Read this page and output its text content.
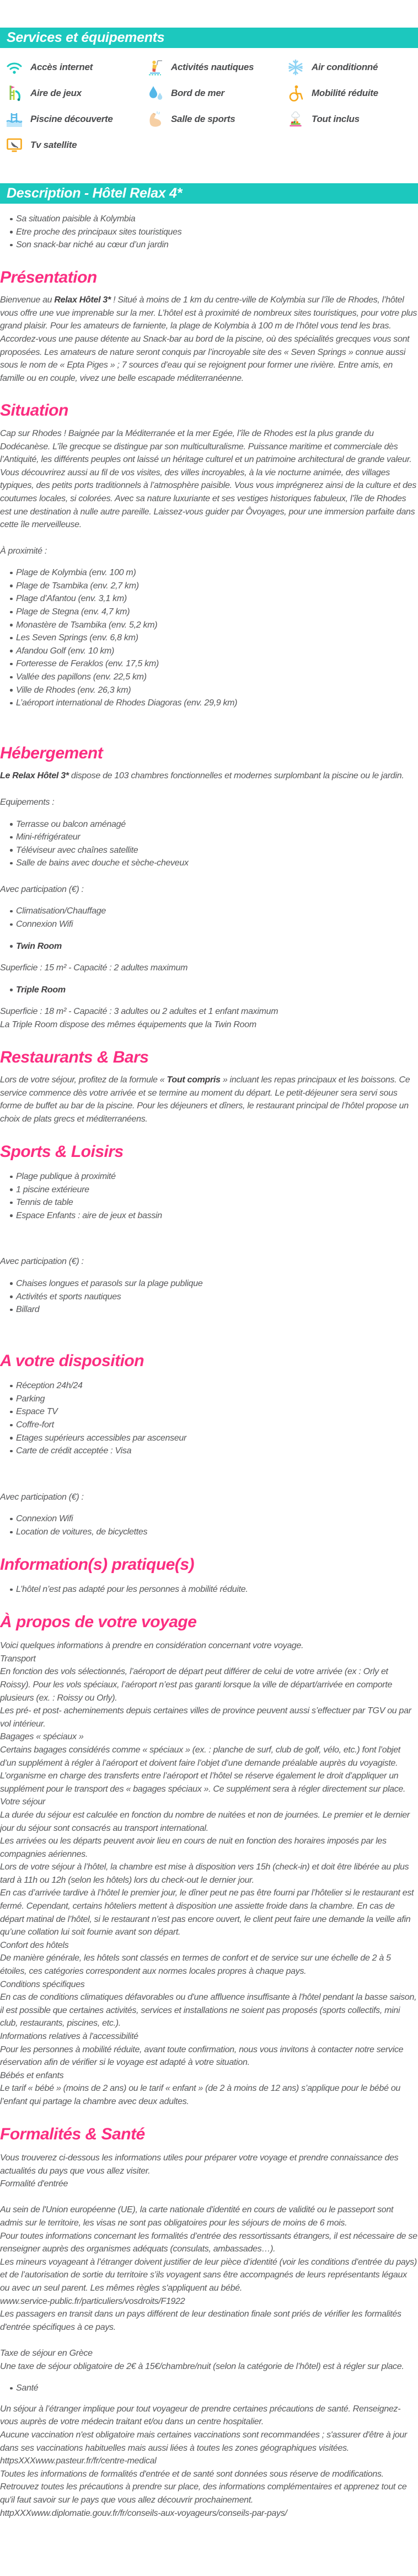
Services et équipements
Accès internet	Activités nautiques	Air conditionné
Aire de jeux	Bord de mer	Mobilité réduite
Piscine découverte	Salle de sports	Tout inclus
Tv satellite
Description - Hôtel Relax 4*
Sa situation paisible à Kolymbia
Etre proche des principaux sites touristiques
Son snack-bar niché au cœur d’un jardin
Présentation

Bienvenue au Relax Hôtel 3* ! Situé à moins de 1 km du centre-ville de Kolymbia sur l’île de Rhodes, l’hôtel vous offre une vue imprenable sur la mer. L’hôtel est à proximité de nombreux sites touristiques, pour votre plus grand plaisir. Pour les amateurs de farniente, la plage de Kolymbia à 100 m de l’hôtel vous tend les bras. Accordez-vous une pause détente au Snack-bar au bord de la piscine, où des spécialités grecques vous sont proposées. Les amateurs de nature seront conquis par l’incroyable site des « Seven Springs » connue aussi sous le nom de « Epta Piges » ; 7 sources d’eau qui se rejoignent pour former une rivière. Entre amis, en famille ou en couple, vivez une belle escapade méditerranéenne.

Situation

Cap sur Rhodes ! Baignée par la Méditerranée et la mer Egée, l’île de Rhodes est la plus grande du Dodécanèse. L’île grecque se distingue par son multiculturalisme. Puissance maritime et commerciale dès l’Antiquité, les différents peuples ont laissé un héritage culturel et un patrimoine architectural de grande valeur. Vous découvrirez aussi au fil de vos visites, des villes incroyables, à la vie nocturne animée, des villages typiques, des petits ports traditionnels à l’atmosphère paisible. Vous vous imprégnerez ainsi de la culture et des coutumes locales, si colorées. Avec sa nature luxuriante et ses vestiges historiques fabuleux, l’île de Rhodes est une destination à nulle autre pareille. Laissez-vous guider par Ôvoyages, pour une immersion parfaite dans cette île merveilleuse.

À proximité :

Plage de Kolymbia (env. 100 m)
Plage de Tsambika (env. 2,7 km)
Plage d’Afantou (env. 3,1 km)
Plage de Stegna (env. 4,7 km)
Monastère de Tsambika (env. 5,2 km)
Les Seven Springs (env. 6,8 km)
Afandou Golf (env. 10 km)
Forteresse de Feraklos (env. 17,5 km)
Vallée des papillons (env. 22,5 km)
Ville de Rhodes (env. 26,3 km)
L’aéroport international de Rhodes Diagoras (env. 29,9 km)
Hébergement

Le Relax Hôtel 3* dispose de 103 chambres fonctionnelles et modernes surplombant la piscine ou le jardin.

Equipements :

Terrasse ou balcon aménagé
Mini-réfrigérateur
Téléviseur avec chaînes satellite
Salle de bains avec douche et sèche-cheveux

Avec participation (€) :

Climatisation/Chauffage
Connexion Wifi
Twin Room

Superficie : 15 m² - Capacité : 2 adultes maximum

Triple Room

Superficie : 18 m² - Capacité : 3 adultes ou 2 adultes et 1 enfant maximum

La Triple Room dispose des mêmes équipements que la Twin Room

Restaurants & Bars

Lors de votre séjour, profitez de la formule « Tout compris » incluant les repas principaux et les boissons. Ce service commence dès votre arrivée et se termine au moment du départ. Le petit-déjeuner sera servi sous forme de buffet au bar de la piscine. Pour les déjeuners et dîners, le restaurant principal de l’hôtel propose un choix de plats grecs et méditerranéens.

Sports & Loisirs
Plage publique à proximité
1 piscine extérieure
Tennis de table
Espace Enfants : aire de jeux et bassin

Avec participation (€) :

Chaises longues et parasols sur la plage publique
Activités et sports nautiques
Billard
A votre disposition
Réception 24h/24
Parking
Espace TV
Coffre-fort
Etages supérieurs accessibles par ascenseur
Carte de crédit acceptée : Visa

Avec participation (€) :

Connexion Wifi
Location de voitures, de bicyclettes
Information(s) pratique(s)
L’hôtel n’est pas adapté pour les personnes à mobilité réduite.
À propos de votre voyage

Voici quelques informations à prendre en considération concernant votre voyage.

Transport

En fonction des vols sélectionnés, l’aéroport de départ peut différer de celui de votre arrivée (ex : Orly et Roissy). Pour les vols spéciaux, l’aéroport n’est pas garanti lorsque la ville de départ/arrivée en comporte plusieurs (ex. : Roissy ou Orly).

Les pré- et post- acheminements depuis certaines villes de province peuvent aussi s’effectuer par TGV ou par vol intérieur.

Bagages « spéciaux »

Certains bagages considérés comme « spéciaux » (ex. : planche de surf, club de golf, vélo, etc.) font l’objet d’un supplément à régler à l’aéroport et doivent faire l’objet d’une demande préalable auprès du voyagiste. L’organisme en charge des transferts entre l’aéroport et l’hôtel se réserve également le droit d’appliquer un supplément pour le transport des « bagages spéciaux ». Ce supplément sera à régler directement sur place.

Votre séjour

La durée du séjour est calculée en fonction du nombre de nuitées et non de journées. Le premier et le dernier jour du séjour sont consacrés au transport international.

Les arrivées ou les départs peuvent avoir lieu en cours de nuit en fonction des horaires imposés par les compagnies aériennes.

Lors de votre séjour à l’hôtel, la chambre est mise à disposition vers 15h (check-in) et doit être libérée au plus tard à 11h ou 12h (selon les hôtels) lors du check-out le dernier jour.

En cas d’arrivée tardive à l’hôtel le premier jour, le dîner peut ne pas être fourni par l’hôtelier si le restaurant est fermé. Cependant, certains hôteliers mettent à disposition une assiette froide dans la chambre. En cas de départ matinal de l’hôtel, si le restaurant n’est pas encore ouvert, le client peut faire une demande la veille afin qu’une collation lui soit fournie avant son départ.

Confort des hôtels

De manière générale, les hôtels sont classés en termes de confort et de service sur une échelle de 2 à 5 étoiles, ces catégories correspondent aux normes locales propres à chaque pays.

Conditions spécifiques

En cas de conditions climatiques défavorables ou d'une affluence insuffisante à l'hôtel pendant la basse saison, il est possible que certaines activités, services et installations ne soient pas proposés (sports collectifs, mini club, restaurants, piscines, etc.).

Informations relatives à l'accessibilité

Pour les personnes à mobilité réduite, avant toute confirmation, nous vous invitons à contacter notre service réservation afin de vérifier si le voyage est adapté à votre situation.

Bébés et enfants

Le tarif « bébé » (moins de 2 ans) ou le tarif « enfant » (de 2 à moins de 12 ans) s’applique pour le bébé ou l’enfant qui partage la chambre avec deux adultes.

Formalités & Santé

Vous trouverez ci-dessous les informations utiles pour préparer votre voyage et prendre connaissance des actualités du pays que vous allez visiter.

Formalité d'entrée

Au sein de l'Union européenne (UE), la carte nationale d'identité en cours de validité ou le passeport sont admis sur le territoire, les visas ne sont pas obligatoires pour les séjours de moins de 6 mois.

Pour toutes informations concernant les formalités d’entrée des ressortissants étrangers, il est nécessaire de se renseigner auprès des organismes adéquats (consulats, ambassades…).

Les mineurs voyageant à l’étranger doivent justifier de leur pièce d’identité (voir les conditions d’entrée du pays) et de l’autorisation de sortie du territoire s’ils voyagent sans être accompagnés de leurs représentants légaux ou avec un seul parent. Les mêmes règles s'appliquent au bébé.

www.service-public.fr/particuliers/vosdroits/F1922

Les passagers en transit dans un pays différent de leur destination finale sont priés de vérifier les formalités d'entrée spécifiques à ce pays.

Taxe de séjour en Grèce

Une taxe de séjour obligatoire de 2€ à 15€/chambre/nuit (selon la catégorie de l’hôtel) est à régler sur place.

Santé

Un séjour à l’étranger implique pour tout voyageur de prendre certaines précautions de santé. Renseignez-vous auprès de votre médecin traitant et/ou dans un centre hospitalier.

Aucune vaccination n'est obligatoire mais certaines vaccinations sont recommandées ; s'assurer d'être à jour dans ses vaccinations habituelles mais aussi liées à toutes les zones géographiques visitées.

httpsXXXwww.pasteur.fr/fr/centre-medical

Toutes les informations de formalités d'entrée et de santé sont données sous réserve de modifications.

Retrouvez toutes les précautions à prendre sur place, des informations complémentaires et apprenez tout ce qu'il faut savoir sur le pays que vous allez découvrir prochainement.

httpXXXwww.diplomatie.gouv.fr/fr/conseils-aux-voyageurs/conseils-par-pays/
